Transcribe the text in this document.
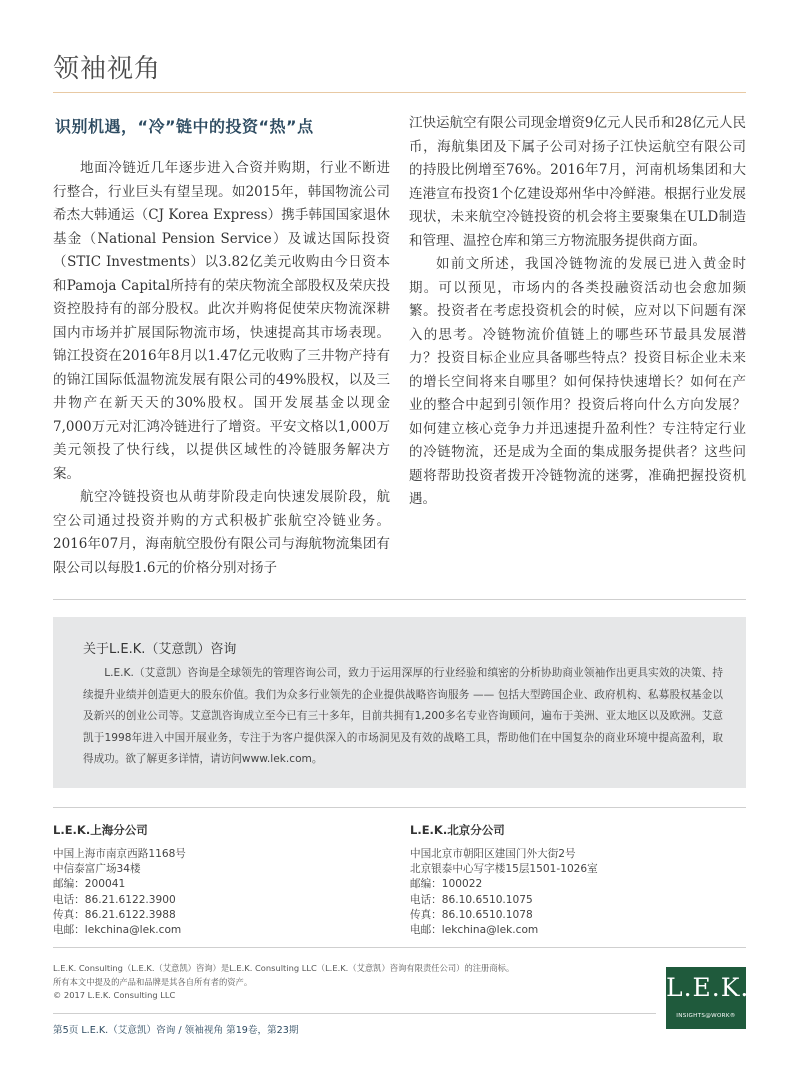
领袖视角
识别机遇，“冷”链中的投资“热”点

地面冷链近几年逐步进入合资并购期，行业不断进行整合，行业巨头有望呈现。如2015年，韩国物流公司希杰大韩通运（CJ Korea Express）携手韩国国家退休基金（National Pension Service）及诚达国际投资（STIC Investments）以3.82亿美元收购由今日资本和Pamoja Capital所持有的荣庆物流全部股权及荣庆投资控股持有的部分股权。此次并购将促使荣庆物流深耕国内市场并扩展国际物流市场，快速提高其市场表现。锦江投资在2016年8月以1.47亿元收购了三井物产持有的锦江国际低温物流发展有限公司的49%股权，以及三井物产在新天天的30%股权。国开发展基金以现金7,000万元对汇鸿冷链进行了增资。平安文格以1,000万美元领投了快行线，以提供区域性的冷链服务解决方案。

航空冷链投资也从萌芽阶段走向快速发展阶段，航空公司通过投资并购的方式积极扩张航空冷链业务。2016年07月，海南航空股份有限公司与海航物流集团有限公司以每股1.6元的价格分别对扬子

江快运航空有限公司现金增资9亿元人民币和28亿元人民币，海航集团及下属子公司对扬子江快运航空有限公司的持股比例增至76%。2016年7月，河南机场集团和大连港宣布投资1个亿建设郑州华中冷鲜港。根据行业发展现状，未来航空冷链投资的机会将主要聚集在ULD制造和管理、温控仓库和第三方物流服务提供商方面。

如前文所述，我国冷链物流的发展已进入黄金时期。可以预见，市场内的各类投融资活动也会愈加频繁。投资者在考虑投资机会的时候，应对以下问题有深入的思考。冷链物流价值链上的哪些环节最具发展潜力？投资目标企业应具备哪些特点？投资目标企业未来的增长空间将来自哪里？如何保持快速增长？如何在产业的整合中起到引领作用？投资后将向什么方向发展？如何建立核心竞争力并迅速提升盈利性？专注特定行业的冷链物流，还是成为全面的集成服务提供者？这些问题将帮助投资者拨开冷链物流的迷雾，准确把握投资机遇。

关于L.E.K.（艾意凯）咨询
L.E.K.（艾意凯）咨询是全球领先的管理咨询公司，致力于运用深厚的行业经验和缜密的分析协助商业领袖作出更具实效的决策、持续提升业绩并创造更大的股东价值。我们为众多行业领先的企业提供战略咨询服务 —— 包括大型跨国企业、政府机构、私募股权基金以及新兴的创业公司等。艾意凯咨询成立至今已有三十多年，目前共拥有1,200多名专业咨询顾问，遍布于美洲、亚太地区以及欧洲。艾意凯于1998年进入中国开展业务，专注于为客户提供深入的市场洞见及有效的战略工具，帮助他们在中国复杂的商业环境中提高盈利，取得成功。欲了解更多详情，请访问www.lek.com。
L.E.K.上海分公司
中国上海市南京西路1168号
中信泰富广场34楼
邮编：200041
电话：86.21.6122.3900
传真：86.21.6122.3988
电邮：lekchina@lek.com
L.E.K.北京分公司
中国北京市朝阳区建国门外大街2号
北京银泰中心写字楼15层1501-1026室
邮编：100022
电话：86.10.6510.1075
传真：86.10.6510.1078
电邮：lekchina@lek.com
L.E.K. Consulting（L.E.K.（艾意凯）咨询）是L.E.K. Consulting LLC（L.E.K.（艾意凯）咨询有限责任公司）的注册商标。
所有本文中提及的产品和品牌是其各自所有者的资产。
© 2017 L.E.K. Consulting LLC	L.E.K.
INSIGHTS@WORK®
第5页 L.E.K.（艾意凯）咨询 / 领袖视角 第19卷，第23期
